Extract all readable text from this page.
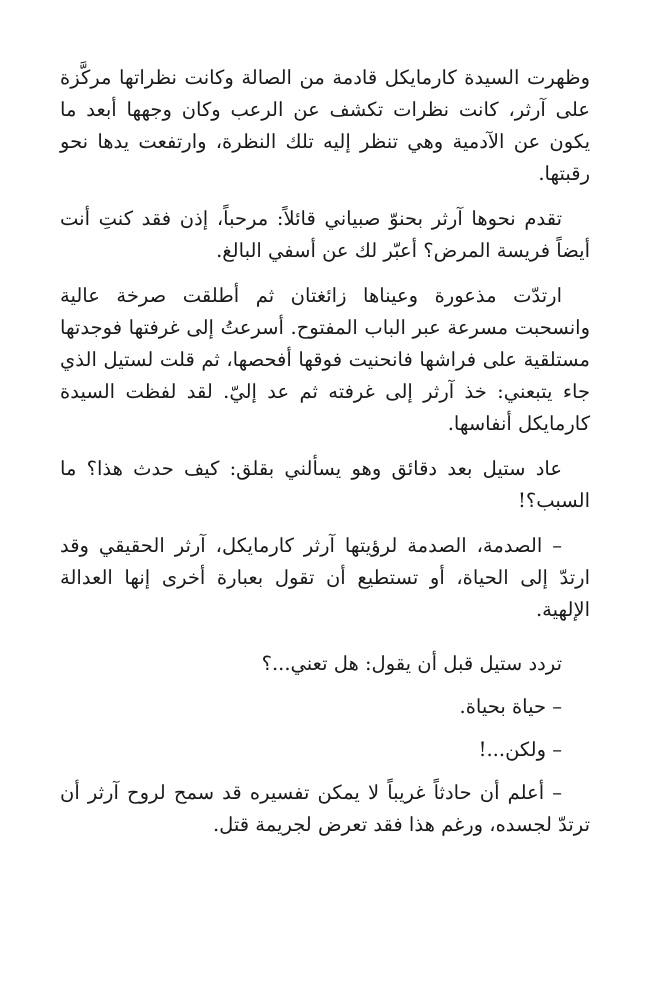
وظهرت السيدة كارمايكل قادمة من الصالة وكانت نظراتها مركَّزة على آرثر، كانت نظرات تكشف عن الرعب وكان وجهها أبعد ما يكون عن الآدمية وهي تنظر إليه تلك النظرة، وارتفعت يدها نحو رقبتها.

تقدم نحوها آرثر بحنوّ صبياني قائلاً: مرحباً، إذن فقد كنتِ أنت أيضاً فريسة المرض؟ أعبّر لك عن أسفي البالغ.

ارتدّت مذعورة وعيناها زائغتان ثم أطلقت صرخة عالية وانسحبت مسرعة عبر الباب المفتوح. أسرعتُ إلى غرفتها فوجدتها مستلقية على فراشها فانحنيت فوقها أفحصها، ثم قلت لستيل الذي جاء يتبعني: خذ آرثر إلى غرفته ثم عد إليّ. لقد لفظت السيدة كارمايكل أنفاسها.

عاد ستيل بعد دقائق وهو يسألني بقلق: كيف حدث هذا؟ ما السبب؟!

– الصدمة، الصدمة لرؤيتها آرثر كارمايكل، آرثر الحقيقي وقد ارتدّ إلى الحياة، أو تستطيع أن تقول بعبارة أخرى إنها العدالة الإلهية.

تردد ستيل قبل أن يقول: هل تعني...؟

– حياة بحياة.

– ولكن...!

– أعلم أن حادثاً غريباً لا يمكن تفسيره قد سمح لروح آرثر أن ترتدّ لجسده، ورغم هذا فقد تعرض لجريمة قتل.
